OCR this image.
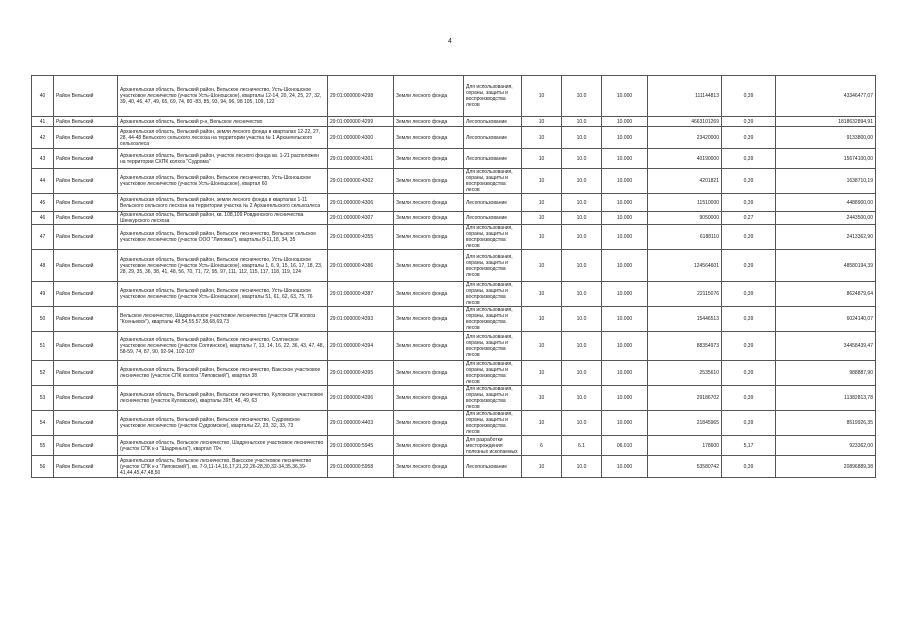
4
40	Район Вельский	Архангельская область, Вельский район, Вельское лесничество, Усть-Шоношское участковое лесничество (участок Усть-Шоношское), кварталы 12-14, 20, 24, 25, 27, 32, 39, 40, 46, 47, 49, 65, 69, 74, 80 -83, 85, 93, 94, 96, 98 105, 109, 122	29:01:000000:4298	Земли лесного фонда	Для использования, охраны, защиты и воспроизводства лесов	10	10.0	10.000	111144813	0,39	43346477,07
41	Район Вельский	Архангельская область, Вельский р-н, Вельское лесничество	29:01:000000:4299	Земли лесного фонда	Лесопользование	10	10.0	10.000	4663101269	0,39	1818632894,91
42	Район Вельский	Архангельская область, Вельский район, земли лесного фонда в кварталах 12-22, 27, 28, 44-48 Вельского сельского лесхоза на территории участка № 1 Архангельского сельхозлеса	29:01:000000:4300	Земли лесного фонда	Лесопользование	10	10.0	10.000	23420000	0,39	9133800,00
43	Район Вельский	Архангельская область, Вельский район, участок лесного фонда кв. 1-21 расположен на территории СХПК колхоз "Судрома"	29:01:000000:4301	Земли лесного фонда	Лесопользование	10	10.0	10.000	40190000	0,39	15674100,00
44	Район Вельский	Архангельская область, Вельский район, Вельское лесничество, Усть-Шоношское участковое лесничество (участок Усть-Шоношское), квартал 60	29:01:000000:4302	Земли лесного фонда	Для использования, охраны, защиты и воспроизводства лесов	10	10.0	10.000	4201821	0,39	1638710,19
45	Район Вельский	Архангельская область, Вельский район, земли лесного фонда в кварталах 1-11 Вельского сельского лесхоза на территории участка № 2 Архангельского сельхозлеса	29:01:000000:4306	Земли лесного фонда	Лесопользование	10	10.0	10.000	11510000	0,39	4488900,00
46	Район Вельский	Архангельская область, Вельский район, кв. 108,109 Ровдинского лесничества Шенкурского лесхоза	29:01:000000:4307	Земли лесного фонда	Лесопользование	10	10.0	10.000	9050000	0,27	2443500,00
47	Район Вельский	Архангельская область, Вельский район, Вельское лесничество, Вельское сельское участковое лесничество (участок ООО "Липовка"), кварталы 8-11,18, 34, 35	29:01:000000:4355	Земли лесного фонда	Для использования, охраны, защиты и воспроизводства лесов	10	10.0	10.000	6188110	0,39	2413362,90
48	Район Вельский	Архангельская область, Вельский район, Вельское лесничество, Усть-Шоношское участковое лесничество (участок Усть-Шоношское), кварталы 1, 6, 9, 15, 16, 17, 18, 23, 28, 29, 35, 36, 38, 41, 48, 56, 70, 71, 72, 95, 97, 111, 112, 115, 117, 118, 119, 124	29:01:000000:4386	Земли лесного фонда	Для использования, охраны, защиты и воспроизводства лесов	10	10.0	10.000	124564601	0,39	48580194,39
49	Район Вельский	Архангельская область, Вельский район, Вельское лесничество, Усть-Шоношское участковое лесничество (участок Усть-Шоношское), кварталы 51, 61, 62, 63, 75, 76	29:01:000000:4387	Земли лесного фонда	Для использования, охраны, защиты и воспроизводства лесов	10	10.0	10.000	22115076	0,39	8624879,64
50	Район Вельский	Вельское лесничество, Шадреньгское участковое лесничество (участок СПК колхоз "Ксеньевск"), кварталы 48,54,55,57,58,68,69,73	29:01:000000:4393	Земли лесного фонда	Для использования, охраны, защиты и воспроизводства лесов	10	10.0	10.000	15446513	0,39	6024140,07
51	Район Вельский	Архангельская область, Вельский район, Вельское лесничество, Солгинское участковое лесничество (участок Солгинское), кварталы 7, 13, 14, 16, 22, 36, 43, 47, 48, 58-59, 74, 87, 90, 92-94, 102-107	29:01:000000:4394	Земли лесного фонда	Для использования, охраны, защиты и воспроизводства лесов	10	10.0	10.000	88354973	0,39	34458439,47
52	Район Вельский	Архангельская область, Вельский район, Вельское лесничество, Ваксское участковое лесничество (участок СПК колхоз "Липовский"), квартал 38	29:01:000000:4395	Земли лесного фонда	Для использования, охраны, защиты и воспроизводства лесов	10	10.0	10.000	2535610	0,39	988887,90
53	Район Вельский	Архангельская область, Вельский район, Вельское лесничество, Куловское участковое лесничество (участок Куловское), кварталы 39Н, 48, 49, 63	29:01:000000:4396	Земли лесного фонда	Для использования, охраны, защиты и воспроизводства лесов	10	10.0	10.000	29186702	0,39	11382813,78
54	Район Вельский	Архангельская область, Вельский район, Вельское лесничество, Судромское участковое лесничество (участок Судромское), кварталы 22, 23, 32, 33, 73	29:01:000000:4403	Земли лесного фонда	Для использования, охраны, защиты и воспроизводства лесов	10	10.0	10.000	21845965	0,39	8519926,35
55	Район Вельский	Архангельская область, Вельское лесничество, Шадреньгское участковое лесничество (участок СПК к-з "Шадреньга"), квартал 70ч	29:01:000000:5945	Земли лесного фонда	Для разработки месторождения полезных ископаемых	6	6.1	06.010	178600	5,17	923362,00
56	Район Вельский	Архангельская область, Вельское лесничество, Ваксское участковое лесничество (участок СПК к-з "Липовский"), кв. 7-9,11-14,16,17,21,22,26-28,30,32-34,35,36,39-41,44,45,47,48,50	29:01:000000:5958	Земли лесного фонда	Лесопользование	10	10.0	10.000	53580742	0,39	20896889,38
